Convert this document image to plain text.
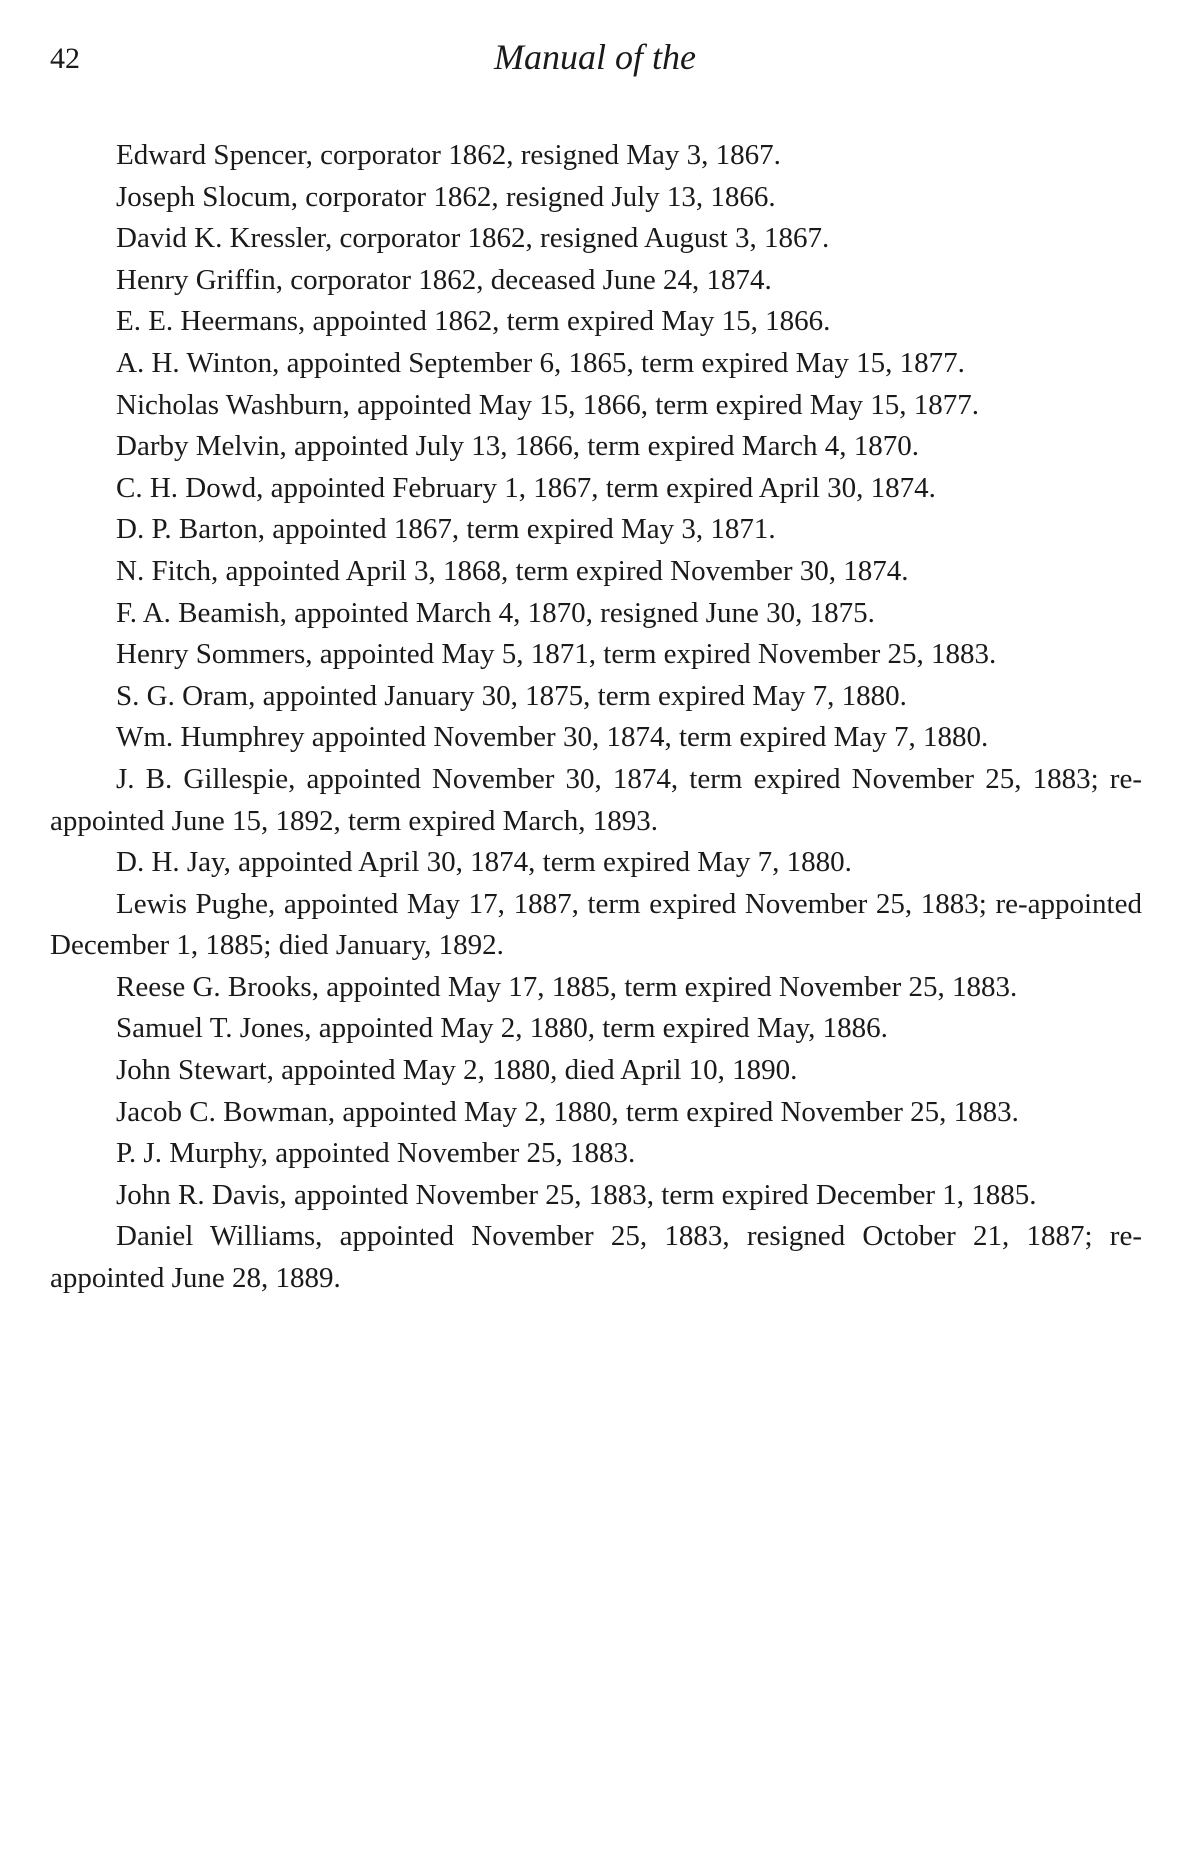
42	Manual of the

Edward Spencer, corporator 1862, resigned May 3, 1867.

Joseph Slocum, corporator 1862, resigned July 13, 1866.

David K. Kressler, corporator 1862, resigned August 3, 1867.

Henry Griffin, corporator 1862, deceased June 24, 1874.

E. E. Heermans, appointed 1862, term expired May 15, 1866.

A. H. Winton, appointed September 6, 1865, term expired May 15, 1877.

Nicholas Washburn, appointed May 15, 1866, term expired May 15, 1877.

Darby Melvin, appointed July 13, 1866, term expired March 4, 1870.

C. H. Dowd, appointed February 1, 1867, term expired April 30, 1874.

D. P. Barton, appointed 1867, term expired May 3, 1871.

N. Fitch, appointed April 3, 1868, term expired November 30, 1874.

F. A. Beamish, appointed March 4, 1870, resigned June 30, 1875.

Henry Sommers, appointed May 5, 1871, term expired November 25, 1883.

S. G. Oram, appointed January 30, 1875, term expired May 7, 1880.

Wm. Humphrey appointed November 30, 1874, term expired May 7, 1880.

J. B. Gillespie, appointed November 30, 1874, term expired November 25, 1883; re-appointed June 15, 1892, term expired March, 1893.

D. H. Jay, appointed April 30, 1874, term expired May 7, 1880.

Lewis Pughe, appointed May 17, 1887, term expired November 25, 1883; re-appointed December 1, 1885; died January, 1892.

Reese G. Brooks, appointed May 17, 1885, term expired November 25, 1883.

Samuel T. Jones, appointed May 2, 1880, term expired May, 1886.

John Stewart, appointed May 2, 1880, died April 10, 1890.

Jacob C. Bowman, appointed May 2, 1880, term expired November 25, 1883.

P. J. Murphy, appointed November 25, 1883.

John R. Davis, appointed November 25, 1883, term expired December 1, 1885.

Daniel Williams, appointed November 25, 1883, resigned October 21, 1887; re-appointed June 28, 1889.
